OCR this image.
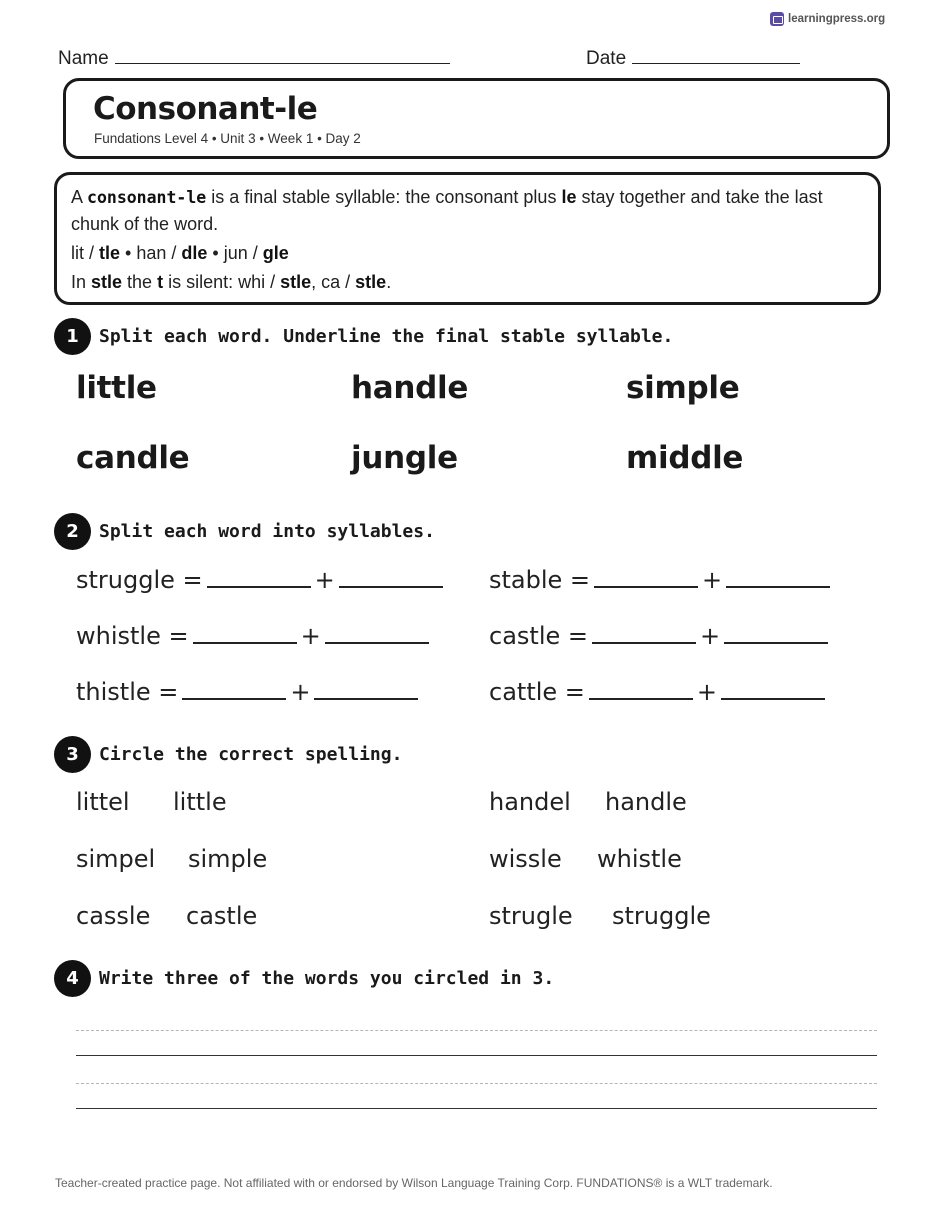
learningpress.org
Name	Date
Consonant-le
Fundations Level 4 • Unit 3 • Week 1 • Day 2

A consonant-le is a final stable syllable: the consonant plus le stay together and take the last chunk of the word.

lit / tle • han / dle • jun / gle

In stle the t is silent: whi / stle, ca / stle.

1	Split each word. Underline the final stable syllable.
little	handle	simple
candle	jungle	middle
2	Split each word into syllables.
struggle =	+	stable =	+
whistle =	+	castle =	+
thistle =	+	cattle =	+
3	Circle the correct spelling.
littel little	handel handle
simpel simple	wissle whistle
cassle castle	strugle struggle
4	Write three of the words you circled in 3.
Teacher-created practice page. Not affiliated with or endorsed by Wilson Language Training Corp. FUNDATIONS® is a WLT trademark.
